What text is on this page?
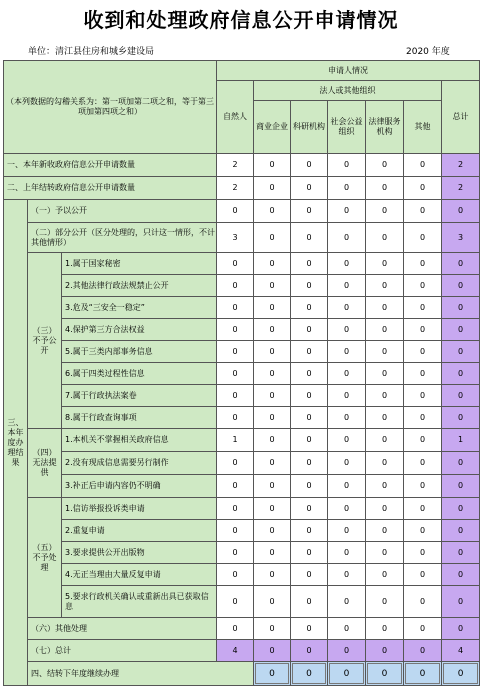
收到和处理政府信息公开申请情况
单位：清江县住房和城乡建设局	2020 年度
（本列数据的勾稽关系为：第一项加第二项之和，等于第三项加第四项之和）			申请人情况							
			自然人	法人或其他组织					总计	
				商业企业	科研机构	社会公益组织	法律服务机构	其他		
一、本年新收政府信息公开申请数量			2	0	0	0	0	0	2	
二、上年结转政府信息公开申请数量			2	0	0	0	0	0	2	
三、本年度办理结果	（一）予以公开		0	0	0	0	0	0	0	
	（二）部分公开（区分处理的，只计这一情形，不计其他情形）		3	0	0	0	0	0	3	
	（三）不予公开	1.属于国家秘密	0	0	0	0	0	0	0	
		2.其他法律行政法规禁止公开	0	0	0	0	0	0	0	
		3.危及“三安全一稳定”	0	0	0	0	0	0	0	
		4.保护第三方合法权益	0	0	0	0	0	0	0	
		5.属于三类内部事务信息	0	0	0	0	0	0	0	
		6.属于四类过程性信息	0	0	0	0	0	0	0	
		7.属于行政执法案卷	0	0	0	0	0	0	0	
		8.属于行政查询事项	0	0	0	0	0	0	0	
	（四）无法提供	1.本机关不掌握相关政府信息	1	0	0	0	0	0	1	
		2.没有现成信息需要另行制作	0	0	0	0	0	0	0	
		3.补正后申请内容仍不明确	0	0	0	0	0	0	0	
	（五）不予处理	1.信访举报投诉类申请	0	0	0	0	0	0	0	
		2.重复申请	0	0	0	0	0	0	0	
		3.要求提供公开出版物	0	0	0	0	0	0	0	
		4.无正当理由大量反复申请	0	0	0	0	0	0	0	
		5.要求行政机关确认或重新出具已获取信息	0	0	0	0	0	0	0	
	（六）其他处理		0	0	0	0	0	0	0	
	（七）总计		4	0	0	0	0	0	4	
	四、结转下年度继续办理			0	0	0	0	0	0
